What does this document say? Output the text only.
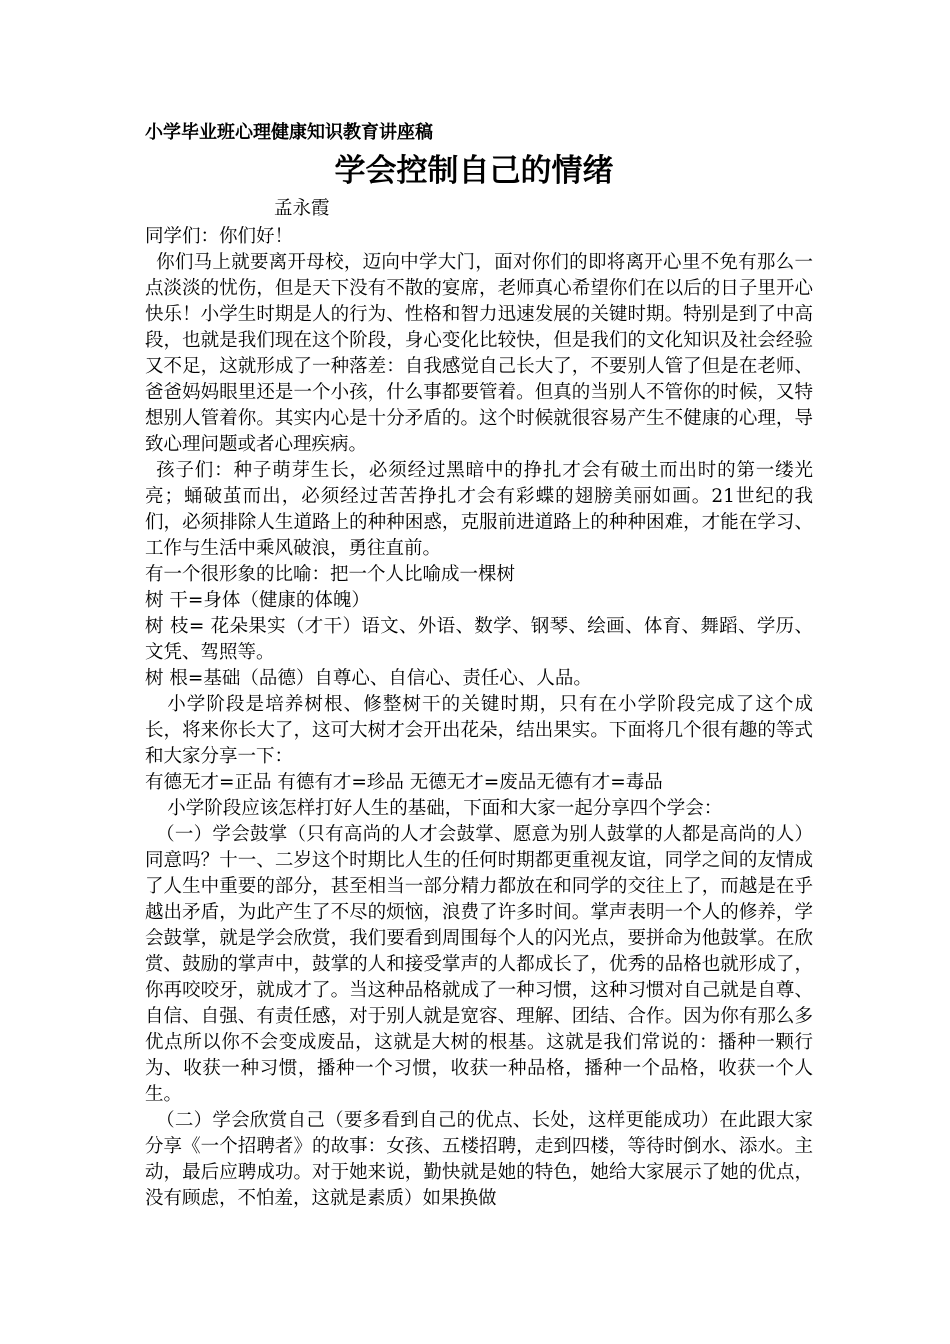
小学毕业班心理健康知识教育讲座稿

学会控制自己的情绪

孟永霞

同学们：你们好！

你们马上就要离开母校，迈向中学大门，面对你们的即将离开心里不免有那么一点淡淡的忧伤，但是天下没有不散的宴席，老师真心希望你们在以后的日子里开心快乐！小学生时期是人的行为、性格和智力迅速发展的关键时期。特别是到了中高段，也就是我们现在这个阶段，身心变化比较快，但是我们的文化知识及社会经验又不足，这就形成了一种落差：自我感觉自己长大了，不要别人管了但是在老师、爸爸妈妈眼里还是一个小孩，什么事都要管着。但真的当别人不管你的时候，又特想别人管着你。其实内心是十分矛盾的。这个时候就很容易产生不健康的心理，导致心理问题或者心理疾病。

孩子们：种子萌芽生长，必须经过黑暗中的挣扎才会有破土而出时的第一缕光亮；蛹破茧而出，必须经过苦苦挣扎才会有彩蝶的翅膀美丽如画。21世纪的我们，必须排除人生道路上的种种困惑，克服前进道路上的种种困难，才能在学习、工作与生活中乘风破浪，勇往直前。

有一个很形象的比喻：把一个人比喻成一棵树

树 干=身体（健康的体魄）

树 枝= 花朵果实（才干）语文、外语、数学、钢琴、绘画、体育、舞蹈、学历、文凭、驾照等。

树 根=基础（品德）自尊心、自信心、责任心、人品。

小学阶段是培养树根、修整树干的关键时期，只有在小学阶段完成了这个成长，将来你长大了，这可大树才会开出花朵，结出果实。下面将几个很有趣的等式和大家分享一下：

有德无才=正品 有德有才=珍品 无德无才=废品无德有才=毒品

小学阶段应该怎样打好人生的基础，下面和大家一起分享四个学会：

（一）学会鼓掌（只有高尚的人才会鼓掌、愿意为别人鼓掌的人都是高尚的人）同意吗？十一、二岁这个时期比人生的任何时期都更重视友谊，同学之间的友情成了人生中重要的部分，甚至相当一部分精力都放在和同学的交往上了，而越是在乎越出矛盾，为此产生了不尽的烦恼，浪费了许多时间。掌声表明一个人的修养，学会鼓掌，就是学会欣赏，我们要看到周围每个人的闪光点，要拼命为他鼓掌。在欣赏、鼓励的掌声中，鼓掌的人和接受掌声的人都成长了，优秀的品格也就形成了，你再咬咬牙，就成才了。当这种品格就成了一种习惯，这种习惯对自己就是自尊、自信、自强、有责任感，对于别人就是宽容、理解、团结、合作。因为你有那么多优点所以你不会变成废品，这就是大树的根基。这就是我们常说的：播种一颗行为、收获一种习惯，播种一个习惯，收获一种品格，播种一个品格，收获一个人生。

（二）学会欣赏自己（要多看到自己的优点、长处，这样更能成功）在此跟大家分享《一个招聘者》的故事：女孩、五楼招聘，走到四楼，等待时倒水、添水。主动，最后应聘成功。对于她来说，勤快就是她的特色，她给大家展示了她的优点，没有顾虑，不怕羞，这就是素质）如果换做
